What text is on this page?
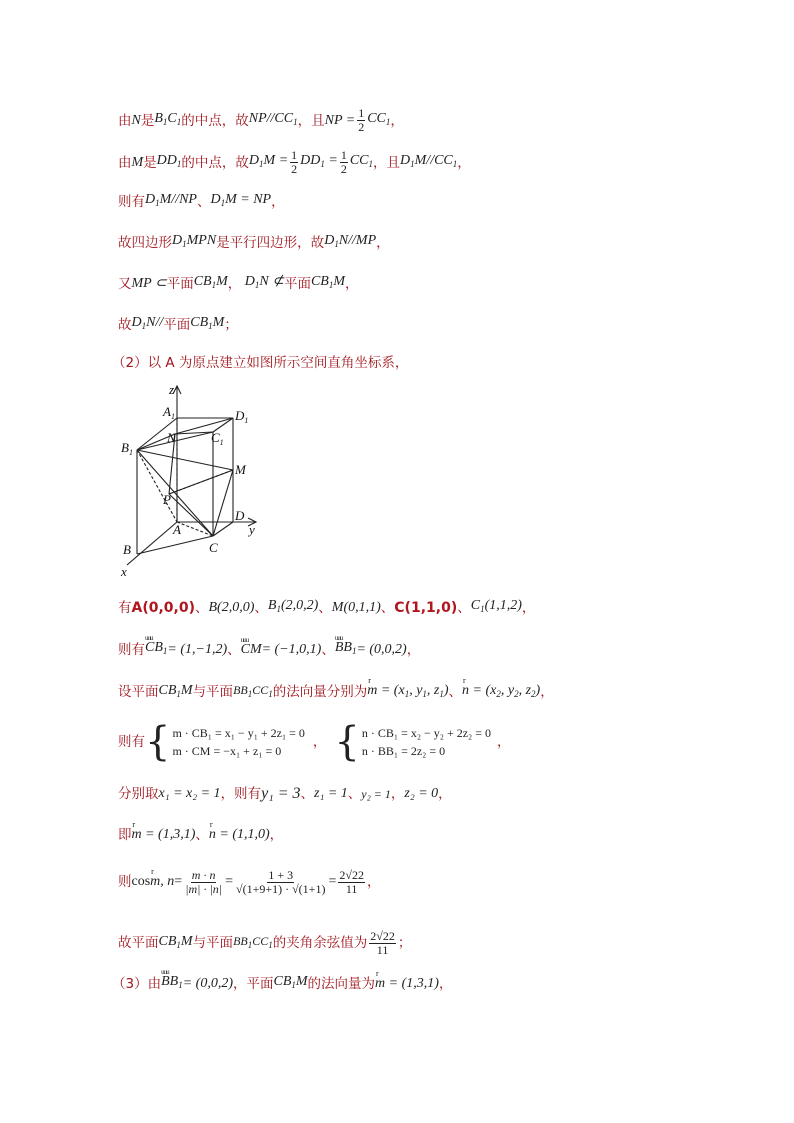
由 N 是 $B_1C_1$ 的中点，故 $NP//CC_1$ ，且 NP = $\frac{1}{2} CC_1$ ，
由 M 是 $DD_1$ 的中点，故 $D_1M = \frac{1}{2} DD_1 = \frac{1}{2} CC_1$ ，且 $D_1M//CC_1$ ，
则有 $D_1M//NP$ 、 $D_1M$ = NP ，
故四边形 $D_1MPN$ 是平行四边形，故 $D_1N//MP$ ，
又 MP ⊂ 平面 $CB_1M$ ， $D_1N$ ⊄ 平面 $CB_1M$ ，
故 $D_1N//$ 平面 $CB_1M$ ；
（2）以 A 为原点建立如图所示空间直角坐标系，
z
$A_1$	$D_1$
N	$C_1$
$B_1$
M
P
A
D
y
B	C
x
有 A(0,0,0) 、 B(2,0,0) 、 $B_1(2,0,2)$ 、 M(0,1,1) 、 C(1,1,0) 、 $C_1(1,1,2)$ ，
则有 uuu $CB_1 = (1,-1,2)$ 、 uuu CM = (−1,0,1) 、 uuu $BB_1 = (0,0,2)$ ，
设平面 $CB_1M$ 与平面 $BB_1CC_1$ 的法向量分别为 r $m = (x_1$, $y_1$, $z_1$) 、 r $n = (x_2$, $y_2$, $z_2$) ，
则有 { m · CB₁ = x₁ − y₁ + 2z₁ = 0
m · CM = −x₁ + z₁ = 0
， { n · CB₁ = x₂ − y₂ + 2z₂ = 0
n · BB₁ = 2z₂ = 0
，
分别取 x₁ = x₂ = 1 ，则有 y₁ = 3 、 z₁ = 1 、 y₂ = 1 ， z₂ = 0 ，
即 r m = (1,3,1) 、 r n = (1,1,0) ，
则 cos r m, $n = \frac{m \cdot n}{|m| \cdot |n|} = \frac{1 + 3}{√(1+9+1) \cdot √(1+1)} = \frac{2√22}{11}$ ，
故平面 $CB_1M$ 与平面 $BB_1CC_1$ 的夹角余弦值为 $\frac{2√22}{11}$ ；
（3）由 uuu $BB_1 = (0,0,2)$ ，平面 $CB_1M$ 的法向量为 r m = (1,3,1) ，
